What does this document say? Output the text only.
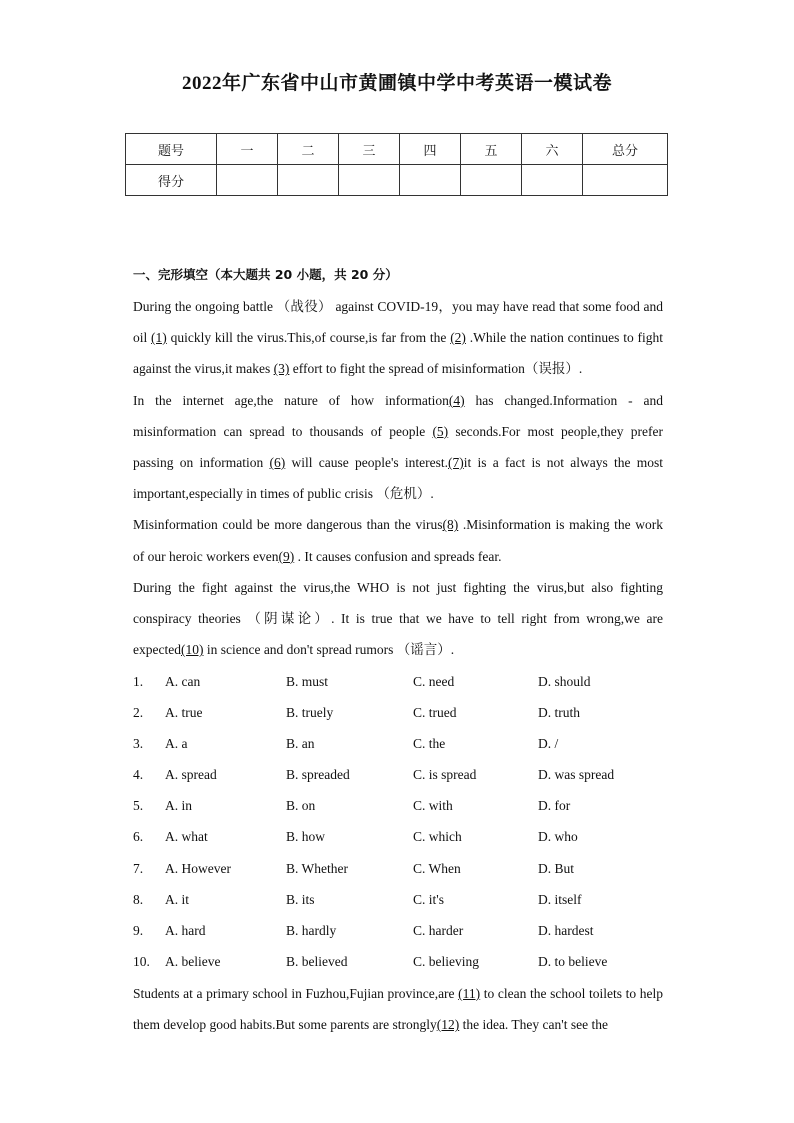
2022年广东省中山市黄圃镇中学中考英语一模试卷
题号	一	二	三	四	五	六	总分
得分							
一、完形填空（本大题共 20 小题，共 20 分）

During the ongoing battle （战役） against COVID-19，you may have read that some food and oil (1) quickly kill the virus.This,of course,is far from the (2) .While the nation continues to fight against the virus,it makes (3) effort to fight the spread of misinformation（误报）.

In the internet age,the nature of how information(4) has changed.Information - and misinformation can spread to thousands of people (5) seconds.For most people,they prefer passing on information (6) will cause people's interest.(7)it is a fact is not always the most important,especially in times of public crisis （危机）.

Misinformation could be more dangerous than the virus(8) .Misinformation is making the work of our heroic workers even(9) . It causes confusion and spreads fear.

During the fight against the virus,the WHO is not just fighting the virus,but also fighting conspiracy theories （阴谋论）. It is true that we have to tell right from wrong,we are expected(10) in science and don't spread rumors （谣言）.

1. A. can	B. must	C. need	D. should
2. A. true	B. truely	C. trued	D. truth
3. A. a	B. an	C. the	D. /
4. A. spread	B. spreaded	C. is spread	D. was spread
5. A. in	B. on	C. with	D. for
6. A. what	B. how	C. which	D. who
7. A. However	B. Whether	C. When	D. But
8. A. it	B. its	C. it's	D. itself
9. A. hard	B. hardly	C. harder	D. hardest
10. A. believe	B. believed	C. believing	D. to believe

Students at a primary school in Fuzhou,Fujian province,are (11) to clean the school toilets to help them develop good habits.But some parents are strongly(12) the idea. They can't see the
